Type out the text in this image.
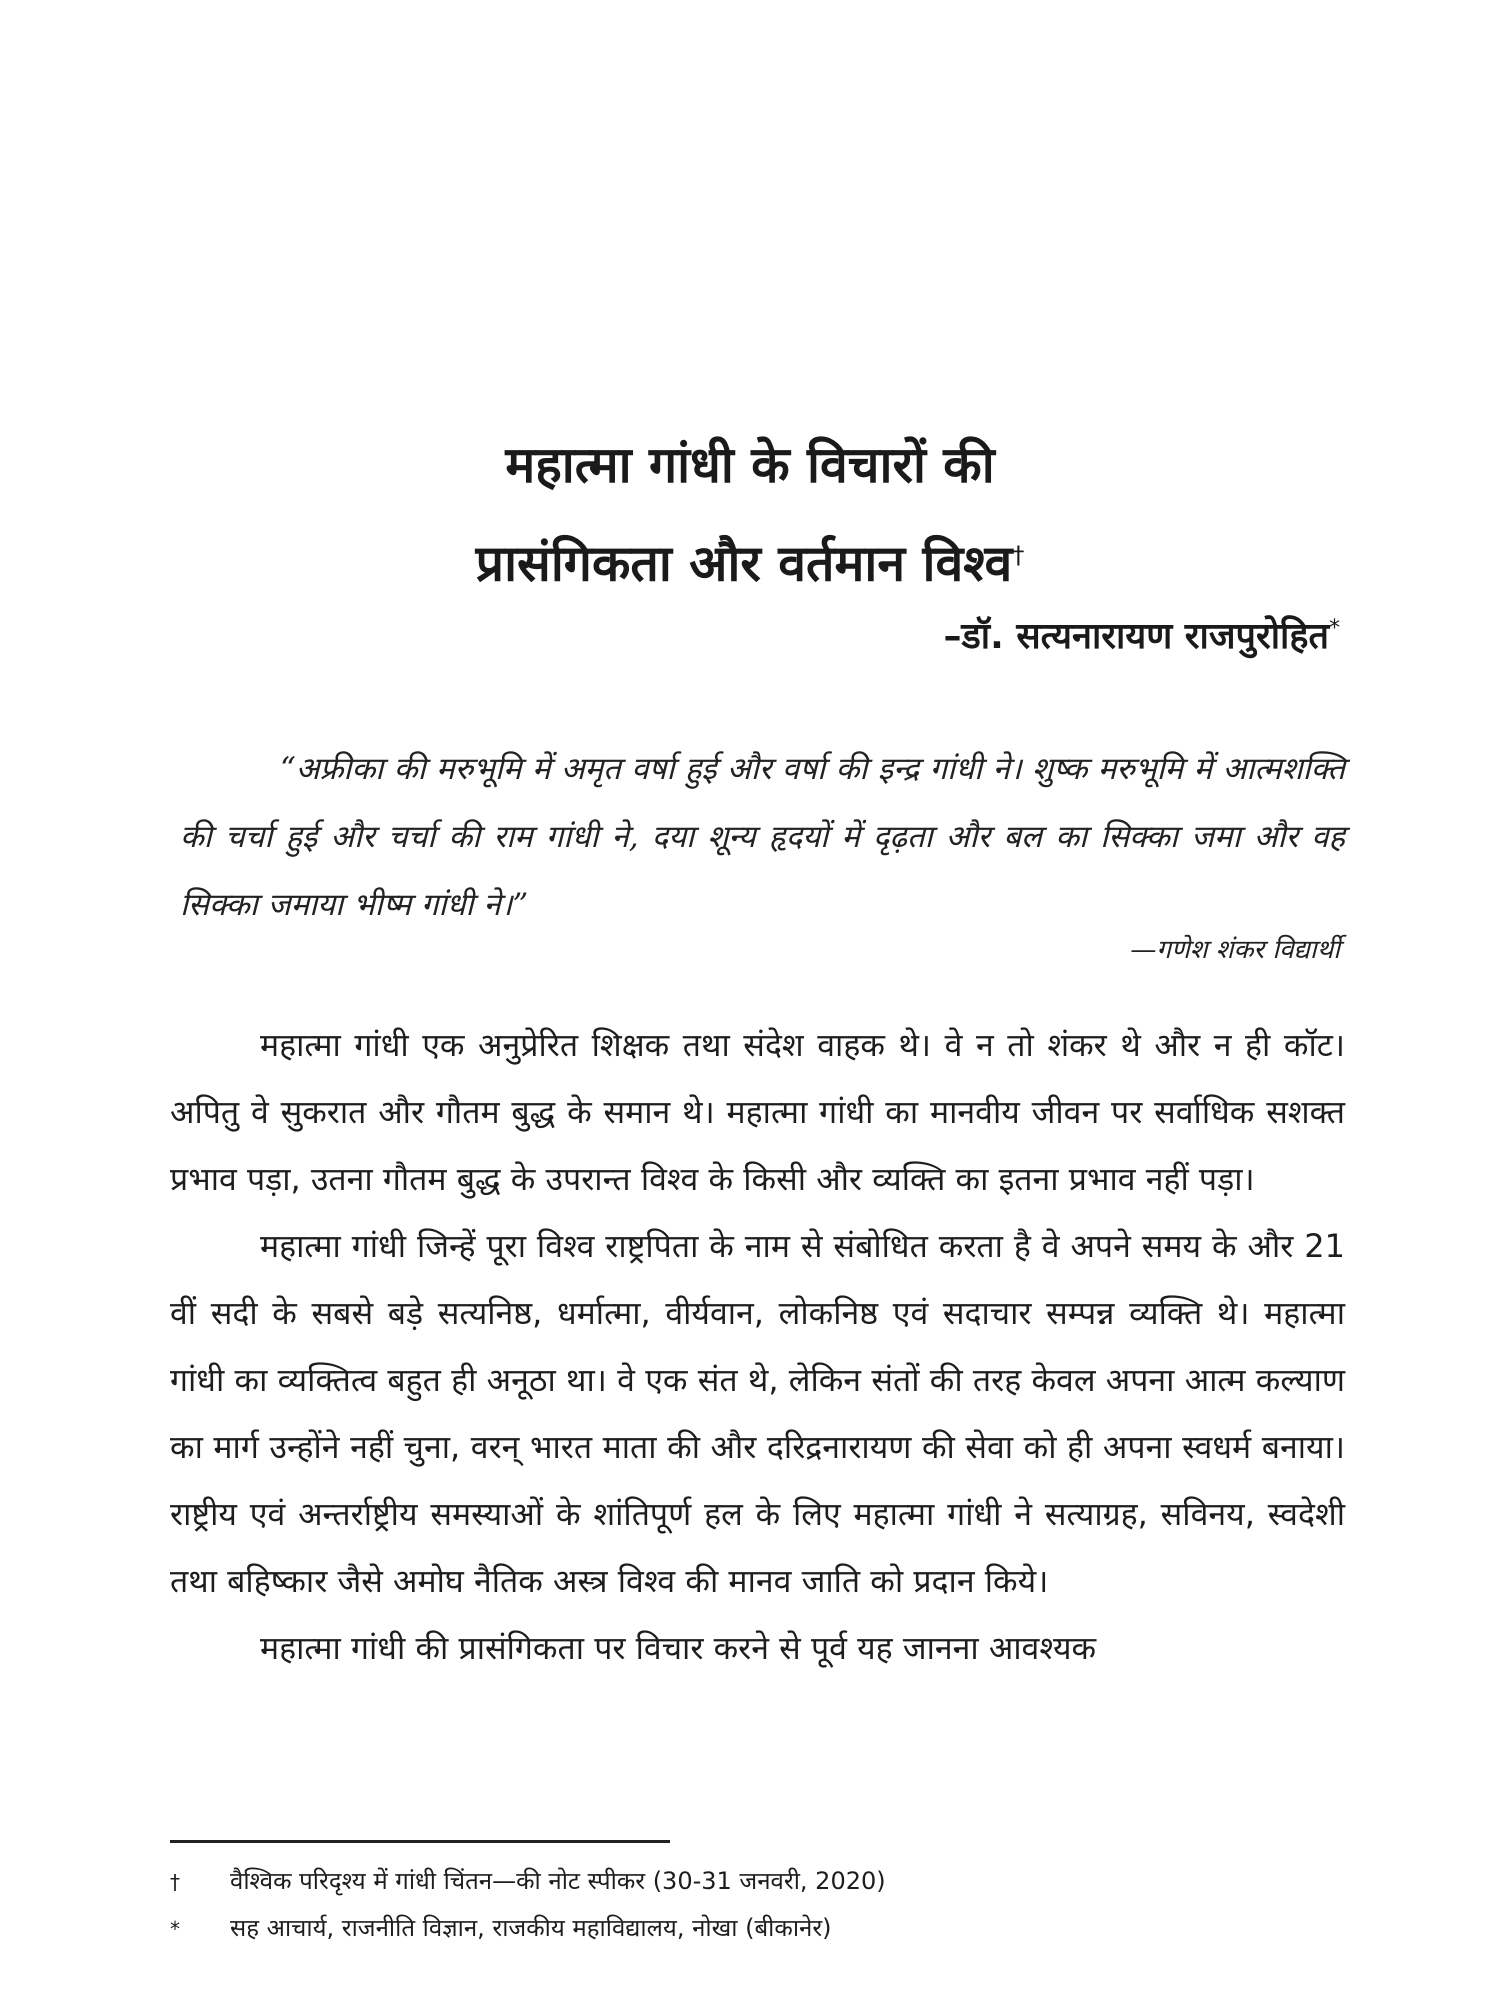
महात्मा गांधी के विचारों की
प्रासंगिकता और वर्तमान विश्व†
–डॉ. सत्यनारायण राजपुरोहित*
“अफ्रीका की मरुभूमि में अमृत वर्षा हुई और वर्षा की इन्द्र गांधी ने। शुष्क मरुभूमि में आत्मशक्ति की चर्चा हुई और चर्चा की राम गांधी ने, दया शून्य हृदयों में दृढ़ता और बल का सिक्का जमा और वह सिक्का जमाया भीष्म गांधी ने।”
—गणेश शंकर विद्यार्थी

महात्मा गांधी एक अनुप्रेरित शिक्षक तथा संदेश वाहक थे। वे न तो शंकर थे और न ही कॉट। अपितु वे सुकरात और गौतम बुद्ध के समान थे। महात्मा गांधी का मानवीय जीवन पर सर्वाधिक सशक्त प्रभाव पड़ा, उतना गौतम बुद्ध के उपरान्त विश्व के किसी और व्यक्ति का इतना प्रभाव नहीं पड़ा।

महात्मा गांधी जिन्हें पूरा विश्व राष्ट्रपिता के नाम से संबोधित करता है वे अपने समय के और 21 वीं सदी के सबसे बड़े सत्यनिष्ठ, धर्मात्मा, वीर्यवान, लोकनिष्ठ एवं सदाचार सम्पन्न व्यक्ति थे। महात्मा गांधी का व्यक्तित्व बहुत ही अनूठा था। वे एक संत थे, लेकिन संतों की तरह केवल अपना आत्म कल्याण का मार्ग उन्होंने नहीं चुना, वरन् भारत माता की और दरिद्रनारायण की सेवा को ही अपना स्वधर्म बनाया। राष्ट्रीय एवं अन्तर्राष्ट्रीय समस्याओं के शांतिपूर्ण हल के लिए महात्मा गांधी ने सत्याग्रह, सविनय, स्वदेशी तथा बहिष्कार जैसे अमोघ नैतिक अस्त्र विश्व की मानव जाति को प्रदान किये।

महात्मा गांधी की प्रासंगिकता पर विचार करने से पूर्व यह जानना आवश्यक

† वैश्विक परिदृश्य में गांधी चिंतन—की नोट स्पीकर (30-31 जनवरी, 2020)
* सह आचार्य, राजनीति विज्ञान, राजकीय महाविद्यालय, नोखा (बीकानेर)
